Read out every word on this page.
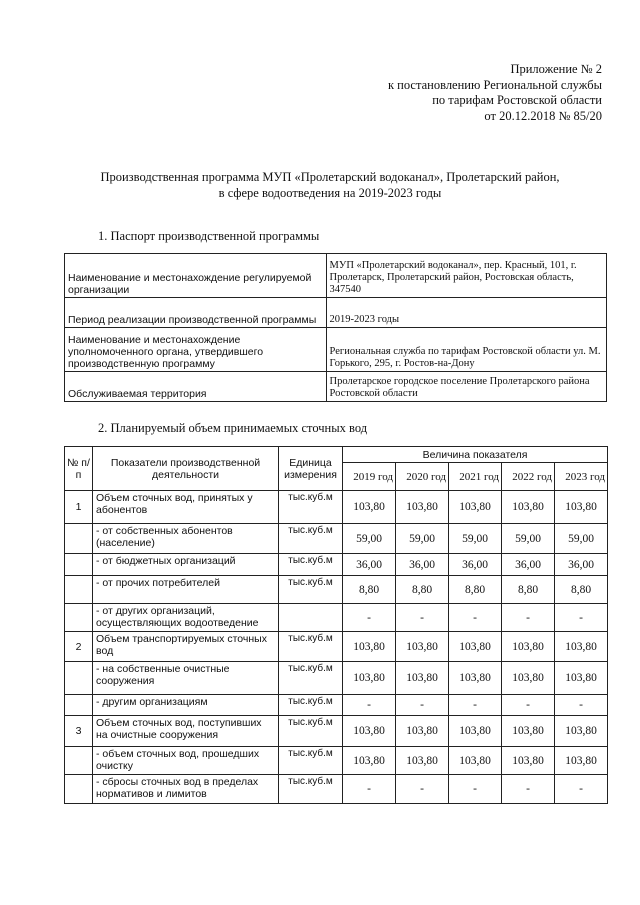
Приложение № 2
к постановлению Региональной службы
по тарифам Ростовской области
от 20.12.2018 № 85/20
Производственная программа МУП «Пролетарский водоканал», Пролетарский район,
в сфере водоотведения на 2019-2023 годы
1. Паспорт производственной программы
Наименование и местонахождение регулируемой организации	МУП «Пролетарский водоканал», пер. Красный, 101, г. Пролетарск, Пролетарский район, Ростовская область, 347540
Период реализации производственной программы	2019-2023 годы
Наименование и местонахождение уполномоченного органа, утвердившего производственную программу	Региональная служба по тарифам Ростовской области ул. М. Горького, 295, г. Ростов-на-Дону
Обслуживаемая территория	Пролетарское городское поселение Пролетарского района Ростовской области
2. Планируемый объем принимаемых сточных вод
№ п/п	Показатели производственной деятельности	Единица измерения	Величина показателя				
			2019 год	2020 год	2021 год	2022 год	2023 год
1	Объем сточных вод, принятых у абонентов	тыс.куб.м	103,80	103,80	103,80	103,80	103,80
	- от собственных абонентов (население)	тыс.куб.м	59,00	59,00	59,00	59,00	59,00
	- от бюджетных организаций	тыс.куб.м	36,00	36,00	36,00	36,00	36,00
	- от прочих потребителей	тыс.куб.м	8,80	8,80	8,80	8,80	8,80
	- от других организаций, осуществляющих водоотведение		-	-	-	-	-
2	Объем транспортируемых сточных вод	тыс.куб.м	103,80	103,80	103,80	103,80	103,80
	- на собственные очистные сооружения	тыс.куб.м	103,80	103,80	103,80	103,80	103,80
	- другим организациям	тыс.куб.м	-	-	-	-	-
3	Объем сточных вод, поступивших на очистные сооружения	тыс.куб.м	103,80	103,80	103,80	103,80	103,80
	- объем сточных вод, прошедших очистку	тыс.куб.м	103,80	103,80	103,80	103,80	103,80
	- сбросы сточных вод в пределах нормативов и лимитов	тыс.куб.м	-	-	-	-	-
